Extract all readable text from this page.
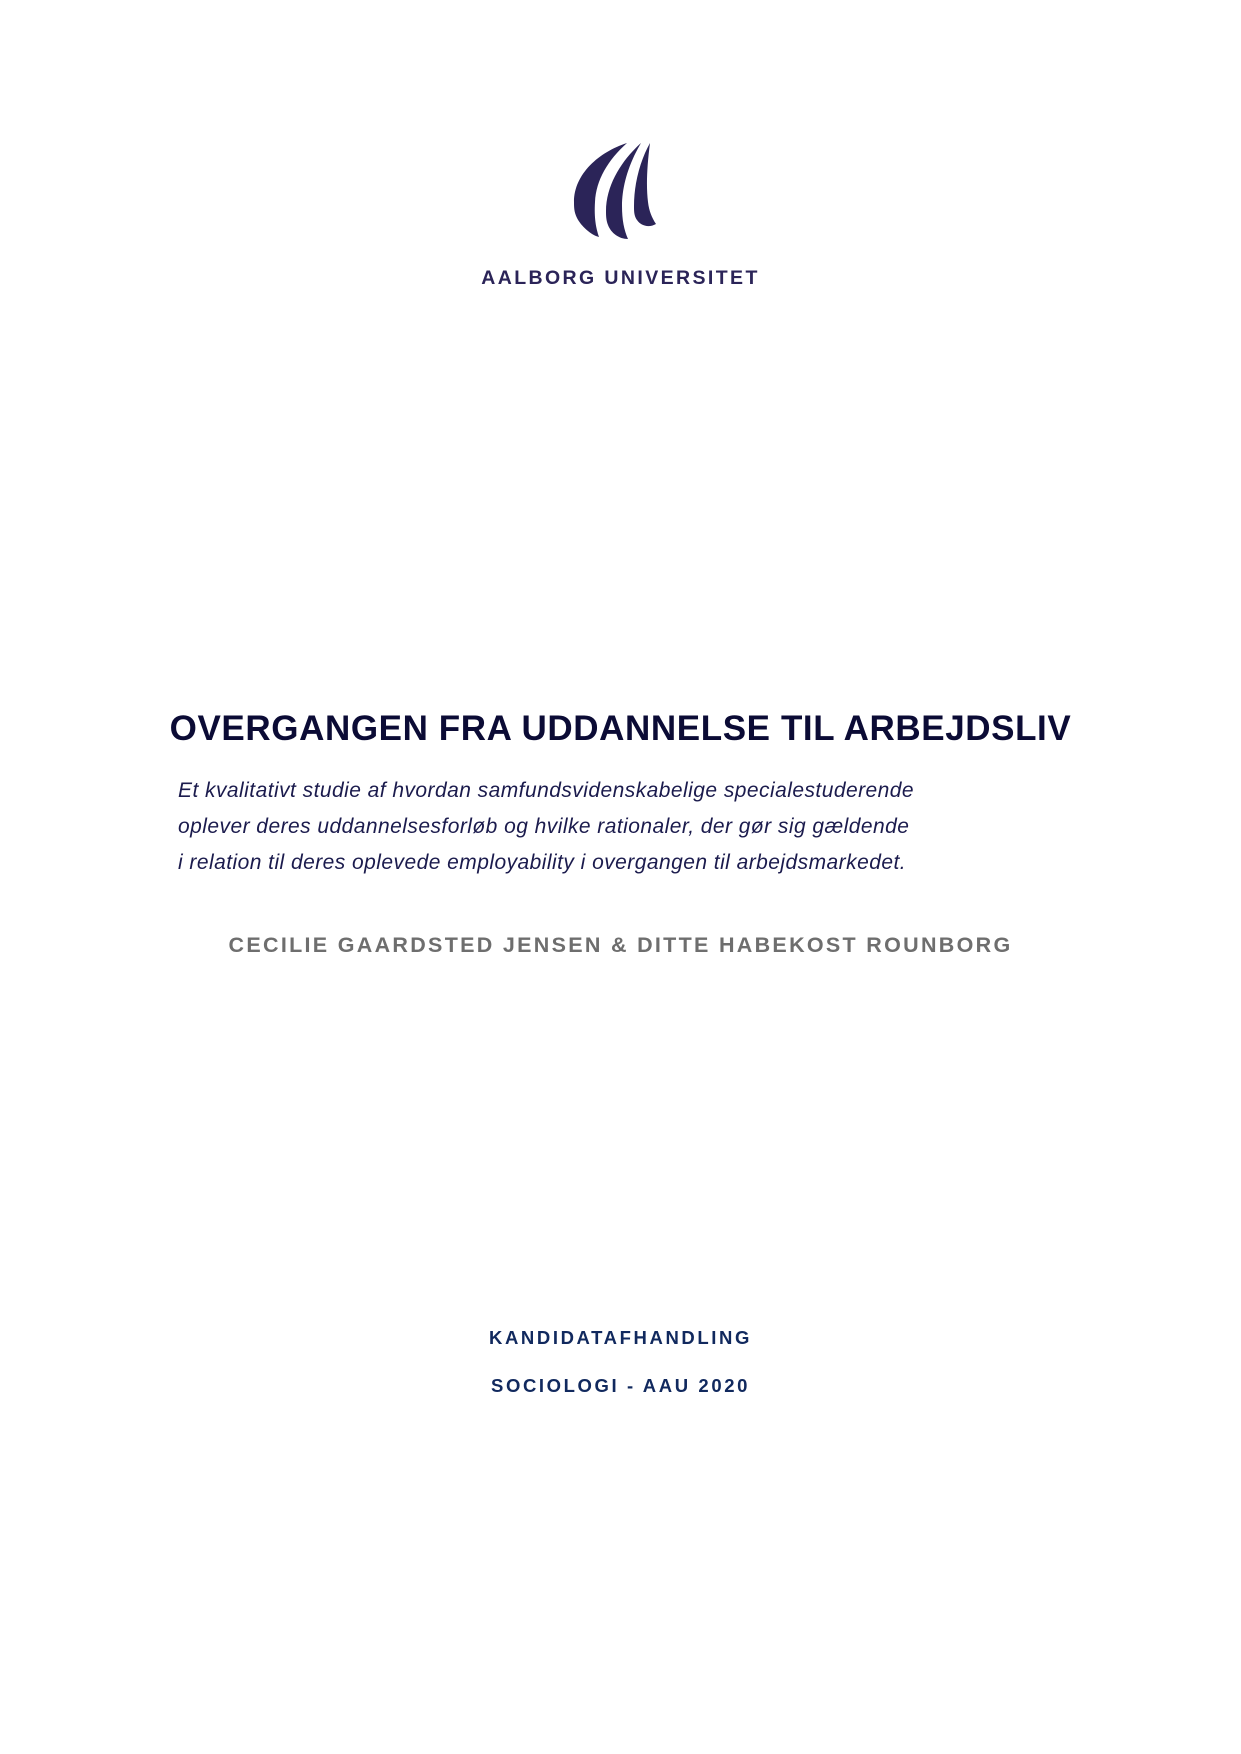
AALBORG UNIVERSITET
OVERGANGEN FRA UDDANNELSE TIL ARBEJDSLIV
Et kvalitativt studie af hvordan samfundsvidenskabelige specialestuderende
oplever deres uddannelsesforløb og hvilke rationaler, der gør sig gældende
i relation til deres oplevede employability i overgangen til arbejdsmarkedet.
CECILIE GAARDSTED JENSEN & DITTE HABEKOST ROUNBORG
KANDIDATAFHANDLING
SOCIOLOGI - AAU 2020
